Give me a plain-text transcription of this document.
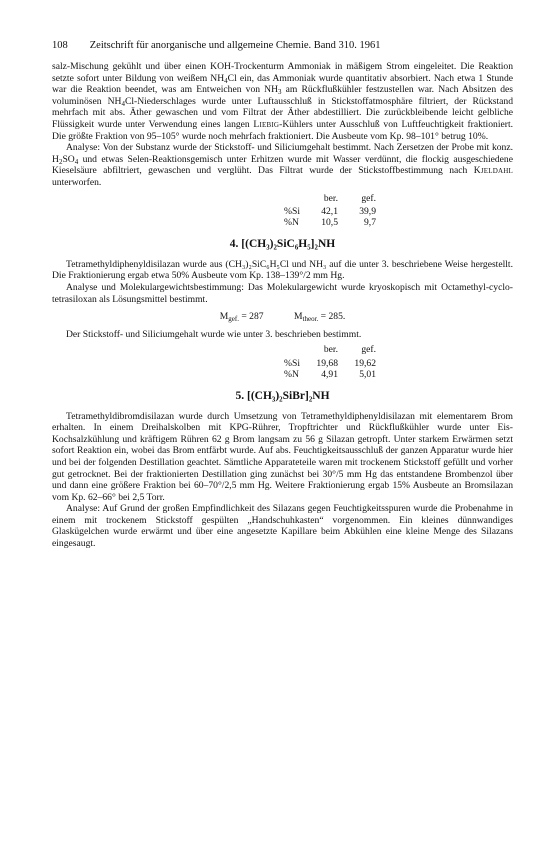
108 Zeitschrift für anorganische und allgemeine Chemie. Band 310. 1961

salz-Mischung gekühlt und über einen KOH-Trockenturm Ammoniak in mäßigem Strom eingeleitet. Die Reaktion setzte sofort unter Bildung von weißem $NH_4Cl$ ein, das Ammoniak wurde quantitativ absorbiert. Nach etwa 1 Stunde war die Reaktion beendet, was am Entweichen von $NH_3$ am Rückflußkühler festzustellen war. Nach Absitzen des voluminösen $NH_4Cl$-Niederschlages wurde unter Luftausschluß in Stickstoffatmosphäre filtriert, der Rückstand mehrfach mit abs. Äther gewaschen und vom Filtrat der Äther abdestilliert. Die zurückbleibende leicht gelbliche Flüssigkeit wurde unter Verwendung eines langen Liebig-Kühlers unter Ausschluß von Luftfeuchtigkeit fraktioniert. Die größte Fraktion von 95–105° wurde noch mehrfach fraktioniert. Die Ausbeute vom Kp. 98–101° betrug 10%.

Analyse: Von der Substanz wurde der Stickstoff- und Siliciumgehalt bestimmt. Nach Zersetzen der Probe mit konz. $H_2SO_4$ und etwas Selen-Reaktionsgemisch unter Erhitzen wurde mit Wasser verdünnt, die flockig ausgeschiedene Kieselsäure abfiltriert, gewaschen und verglüht. Das Filtrat wurde der Stickstoffbestimmung nach Kjeldahl unterworfen.

	ber.	gef.
%Si	42,1	39,9
%N	10,5	9,7
4. [(CH₃)₂SiC₆H₅]₂NH

Tetramethyldiphenyldisilazan wurde aus (CH₃)₂SiC₆H₅Cl und NH₃ auf die unter 3. beschriebene Weise hergestellt. Die Fraktionierung ergab etwa 50% Ausbeute vom Kp. 138–139°/2 mm Hg.

Analyse und Molekulargewichtsbestimmung: Das Molekulargewicht wurde kryoskopisch mit Octamethyl-cyclo-tetrasiloxan als Lösungsmittel bestimmt.

$M_{gef.} = 287$	$M_{theor.} = 285$.

Der Stickstoff- und Siliciumgehalt wurde wie unter 3. beschrieben bestimmt.

	ber.	gef.
%Si	19,68	19,62
%N	4,91	5,01
5. [(CH₃)₂SiBr]₂NH

Tetramethyldibromdisilazan wurde durch Umsetzung von Tetramethyldiphenyldisilazan mit elementarem Brom erhalten. In einem Dreihalskolben mit KPG-Rührer, Tropftrichter und Rückflußkühler wurde unter Eis-Kochsalzkühlung und kräftigem Rühren 62 g Brom langsam zu 56 g Silazan getropft. Unter starkem Erwärmen setzt sofort Reaktion ein, wobei das Brom entfärbt wurde. Auf abs. Feuchtigkeitsausschluß der ganzen Apparatur wurde hier und bei der folgenden Destillation geachtet. Sämtliche Apparateteile waren mit trockenem Stickstoff gefüllt und vorher gut getrocknet. Bei der fraktionierten Destillation ging zunächst bei 30°/5 mm Hg das entstandene Brombenzol über und dann eine größere Fraktion bei 60–70°/2,5 mm Hg. Weitere Fraktionierung ergab 15% Ausbeute an Bromsilazan vom Kp. 62–66° bei 2,5 Torr.

Analyse: Auf Grund der großen Empfindlichkeit des Silazans gegen Feuchtigkeitsspuren wurde die Probenahme in einem mit trockenem Stickstoff gespülten „Handschuhkasten“ vorgenommen. Ein kleines dünnwandiges Glaskügelchen wurde erwärmt und über eine angesetzte Kapillare beim Abkühlen eine kleine Menge des Silazans eingesaugt.
